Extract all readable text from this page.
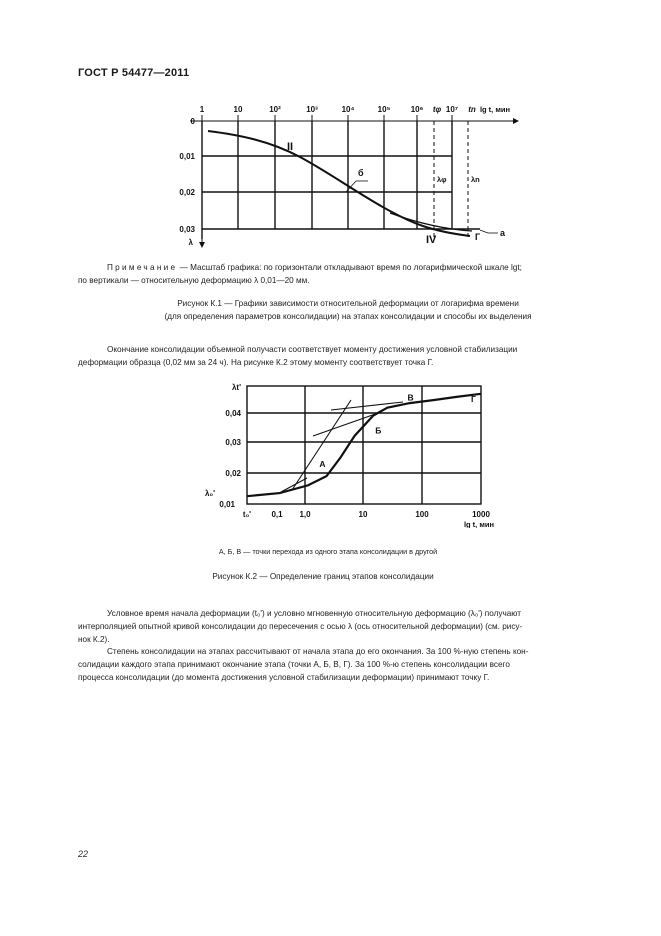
ГОСТ Р 54477—2011
1	10	10²	10³	10⁴	10⁵	10⁶	10⁷
tφ	tn lg t, мин
0
0,01
0,02
0,03
λ
II
IV
б
λφ	λn
а
Г
Примечание — Масштаб графика: по горизонтали откладывают время по логарифмической шкале lgt;
по вертикали — относительную деформацию λ 0,01—20 мм.
Рисунок К.1 — Графики зависимости относительной деформации от логарифма времени
(для определения параметров консолидации) на этапах консолидации и способы их выделения
Окончание консолидации объемной получасти соответствует моменту достижения условной стабилизации
деформации образца (0,02 мм за 24 ч). На рисунке К.2 этому моменту соответствует точка Г.
λt'
0,04
0,03
0,02
0,01
λ₀'
t₀'	0,1 1,0	10	100	1000
lg t, мин
А
Б
В	Г
А, Б, В — точки перехода из одного этапа консолидации в другой
Рисунок К.2 — Определение границ этапов консолидации
Условное время начала деформации (t₀') и условно мгновенную относительную деформацию (λ₀') получают
интерполяцией опытной кривой консолидации до пересечения с осью λ (ось относительной деформации) (см. рису-
нок К.2).
Степень консолидации на этапах рассчитывают от начала этапа до его окончания. За 100 %-ную степень кон-
солидации каждого этапа принимают окончание этапа (точки А, Б, В, Г). За 100 %-ю степень консолидации всего
процесса консолидации (до момента достижения условной стабилизации деформации) принимают точку Г.
22
